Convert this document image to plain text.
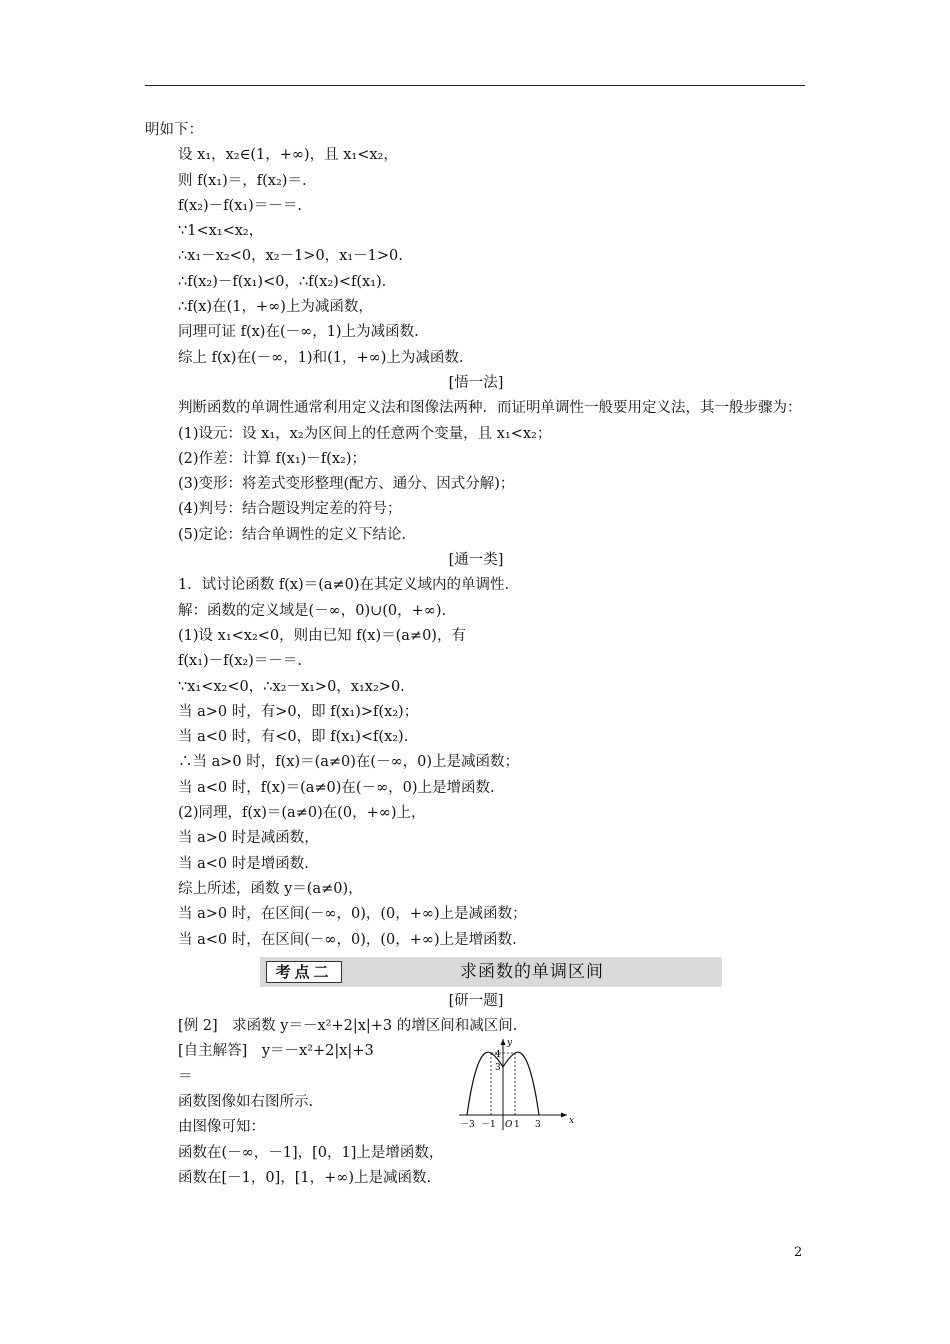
明如下：
设 x₁，x₂∈(1，+∞)，且 x₁<x₂，
则 f(x₁)＝，f(x₂)＝.
f(x₂)－f(x₁)＝－＝.
∵1<x₁<x₂，
∴x₁－x₂<0，x₂－1>0，x₁－1>0.
∴f(x₂)－f(x₁)<0，∴f(x₂)<f(x₁).
∴f(x)在(1，+∞)上为减函数，
同理可证 f(x)在(－∞，1)上为减函数.
综上 f(x)在(－∞，1)和(1，+∞)上为减函数.
[悟一法]
判断函数的单调性通常利用定义法和图像法两种．而证明单调性一般要用定义法，其一般步骤为：
(1)设元：设 x₁，x₂为区间上的任意两个变量，且 x₁<x₂；
(2)作差：计算 f(x₁)－f(x₂)；
(3)变形：将差式变形整理(配方、通分、因式分解)；
(4)判号：结合题设判定差的符号；
(5)定论：结合单调性的定义下结论.
[通一类]
1．试讨论函数 f(x)＝(a≠0)在其定义域内的单调性.
解：函数的定义域是(－∞，0)∪(0，+∞).
(1)设 x₁<x₂<0，则由已知 f(x)＝(a≠0)，有
f(x₁)－f(x₂)＝－＝.
∵x₁<x₂<0，∴x₂－x₁>0，x₁x₂>0.
当 a>0 时，有>0，即 f(x₁)>f(x₂)；
当 a<0 时，有<0，即 f(x₁)<f(x₂).
∴当 a>0 时，f(x)＝(a≠0)在(－∞，0)上是减函数；
当 a<0 时，f(x)＝(a≠0)在(－∞，0)上是增函数.
(2)同理，f(x)＝(a≠0)在(0，+∞)上，
当 a>0 时是减函数，
当 a<0 时是增函数.
综上所述，函数 y＝(a≠0)，
当 a>0 时，在区间(－∞，0)，(0，+∞)上是减函数；
当 a<0 时，在区间(－∞，0)，(0，+∞)上是增函数.
考点二	求函数的单调区间
[研一题]
[例 2]　求函数 y＝－x²+2|x|+3 的增区间和减区间.
[自主解答]　y＝－x²+2|x|+3
＝
函数图像如右图所示.
由图像可知：
函数在(－∞，－1]，[0，1]上是增函数，
函数在[－1，0]，[1，+∞)上是减函数.
y
x
4
3
O
－3 －1 1 3
2
